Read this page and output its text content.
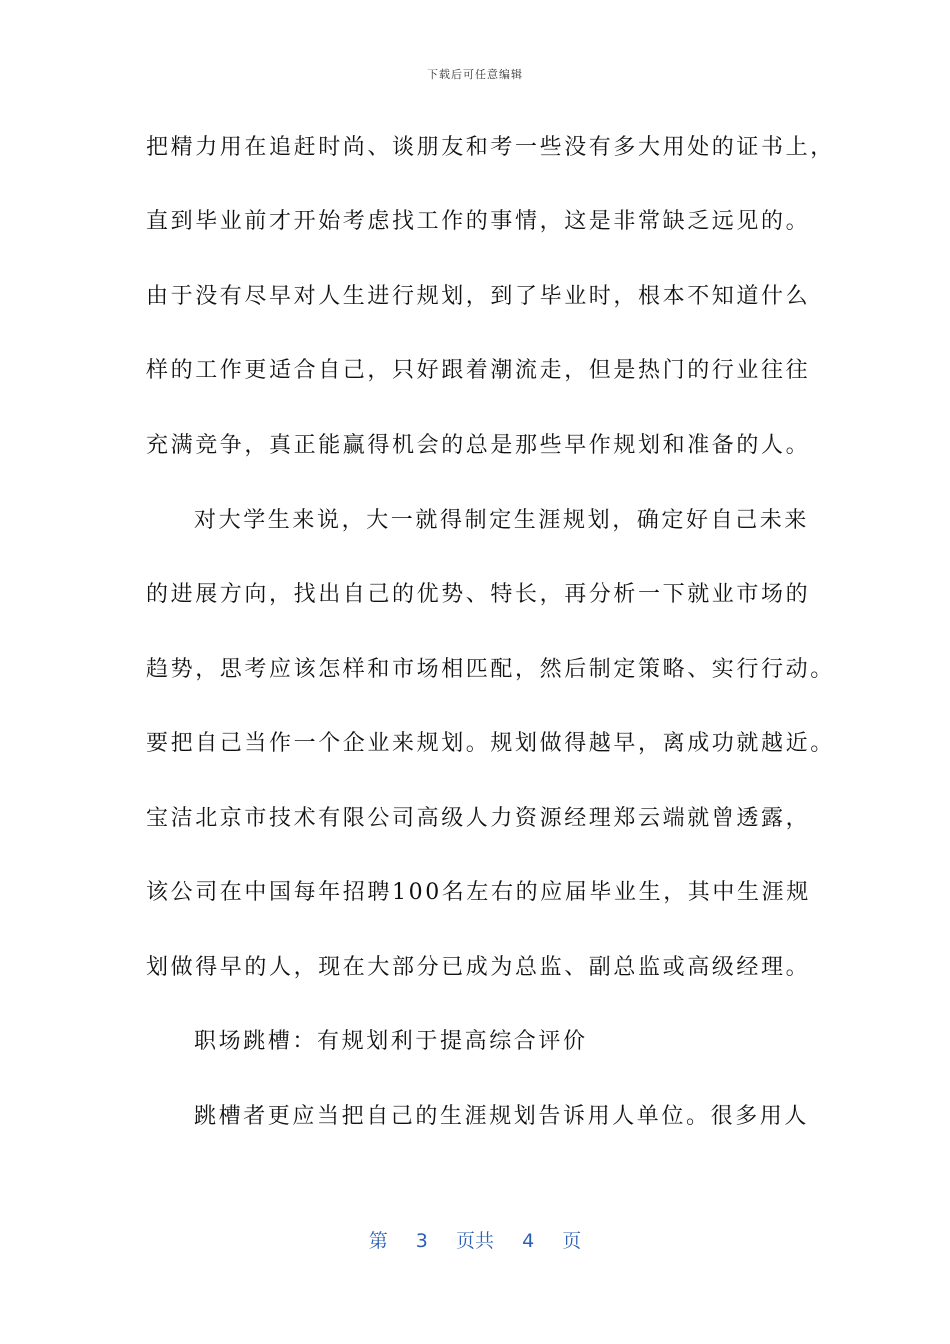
下载后可任意编辑
把精力用在追赶时尚、谈朋友和考一些没有多大用处的证书上，
直到毕业前才开始考虑找工作的事情，这是非常缺乏远见的。
由于没有尽早对人生进行规划，到了毕业时，根本不知道什么
样的工作更适合自己，只好跟着潮流走，但是热门的行业往往
充满竞争，真正能赢得机会的总是那些早作规划和准备的人。
对大学生来说，大一就得制定生涯规划，确定好自己未来
的进展方向，找出自己的优势、特长，再分析一下就业市场的
趋势，思考应该怎样和市场相匹配，然后制定策略、实行行动。
要把自己当作一个企业来规划。规划做得越早，离成功就越近。
宝洁北京市技术有限公司高级人力资源经理郑云端就曾透露，
该公司在中国每年招聘100名左右的应届毕业生，其中生涯规
划做得早的人，现在大部分已成为总监、副总监或高级经理。
职场跳槽：有规划利于提高综合评价
跳槽者更应当把自己的生涯规划告诉用人单位。很多用人
第 3 页共 4 页
